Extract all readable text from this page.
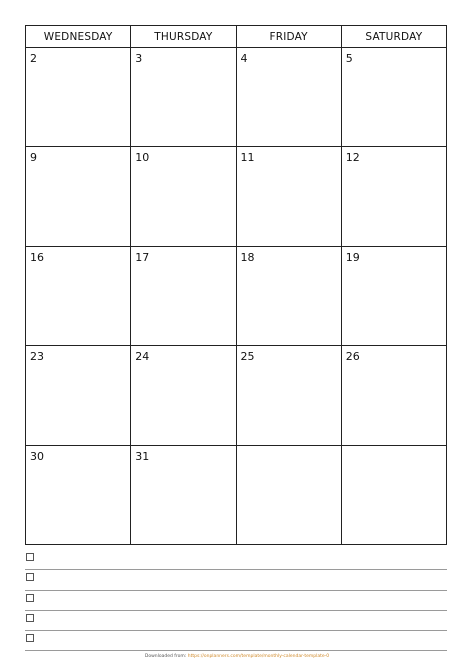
WEDNESDAY	THURSDAY	FRIDAY	SATURDAY

2	3	4	5

9	10	11	12

16	17	18	19

23	24	25	26

30	31		

Downloaded from: https://onplanners.com/template/monthly-calendar-template-0
